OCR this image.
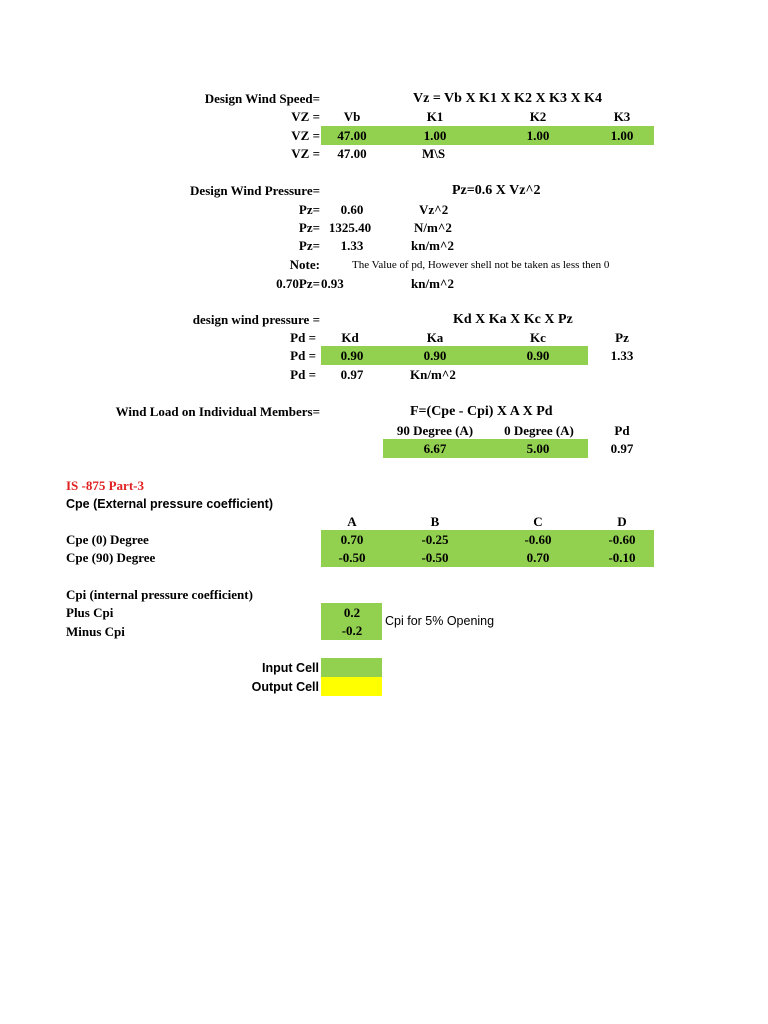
Design Wind Speed=	Vz = Vb X K1 X K2 X K3 X K4
VZ =	Vb	K1	K2	K3
VZ =	47.00	1.00	1.00	1.00
VZ =	47.00	M\S
Design Wind Pressure=	Pz=0.6 X Vz^2
Pz=	0.60	Vz^2
Pz= 1325.40	N/m^2
Pz=	1.33	kn/m^2
Note:	The Value of pd, However shell not be taken as less then 0
0.70Pz= 0.93	kn/m^2
design wind pressure =	Kd X Ka X Kc X Pz
Pd =	Kd	Ka	Kc	Pz
Pd =	0.90	0.90	0.90	1.33
Pd =	0.97	Kn/m^2
Wind Load on Individual Members=	F=(Cpe - Cpi) X A X Pd
90 Degree (A)	0 Degree (A)	Pd
6.67	5.00	0.97
IS -875 Part-3
Cpe (External pressure coefficient)
A	B	C	D
Cpe (0) Degree	0.70	-0.25	-0.60	-0.60
Cpe (90) Degree	-0.50	-0.50	0.70	-0.10
Cpi (internal pressure coefficient)
Plus Cpi	0.2
Cpi for 5% Opening
Minus Cpi	-0.2
Input Cell
Output Cell
